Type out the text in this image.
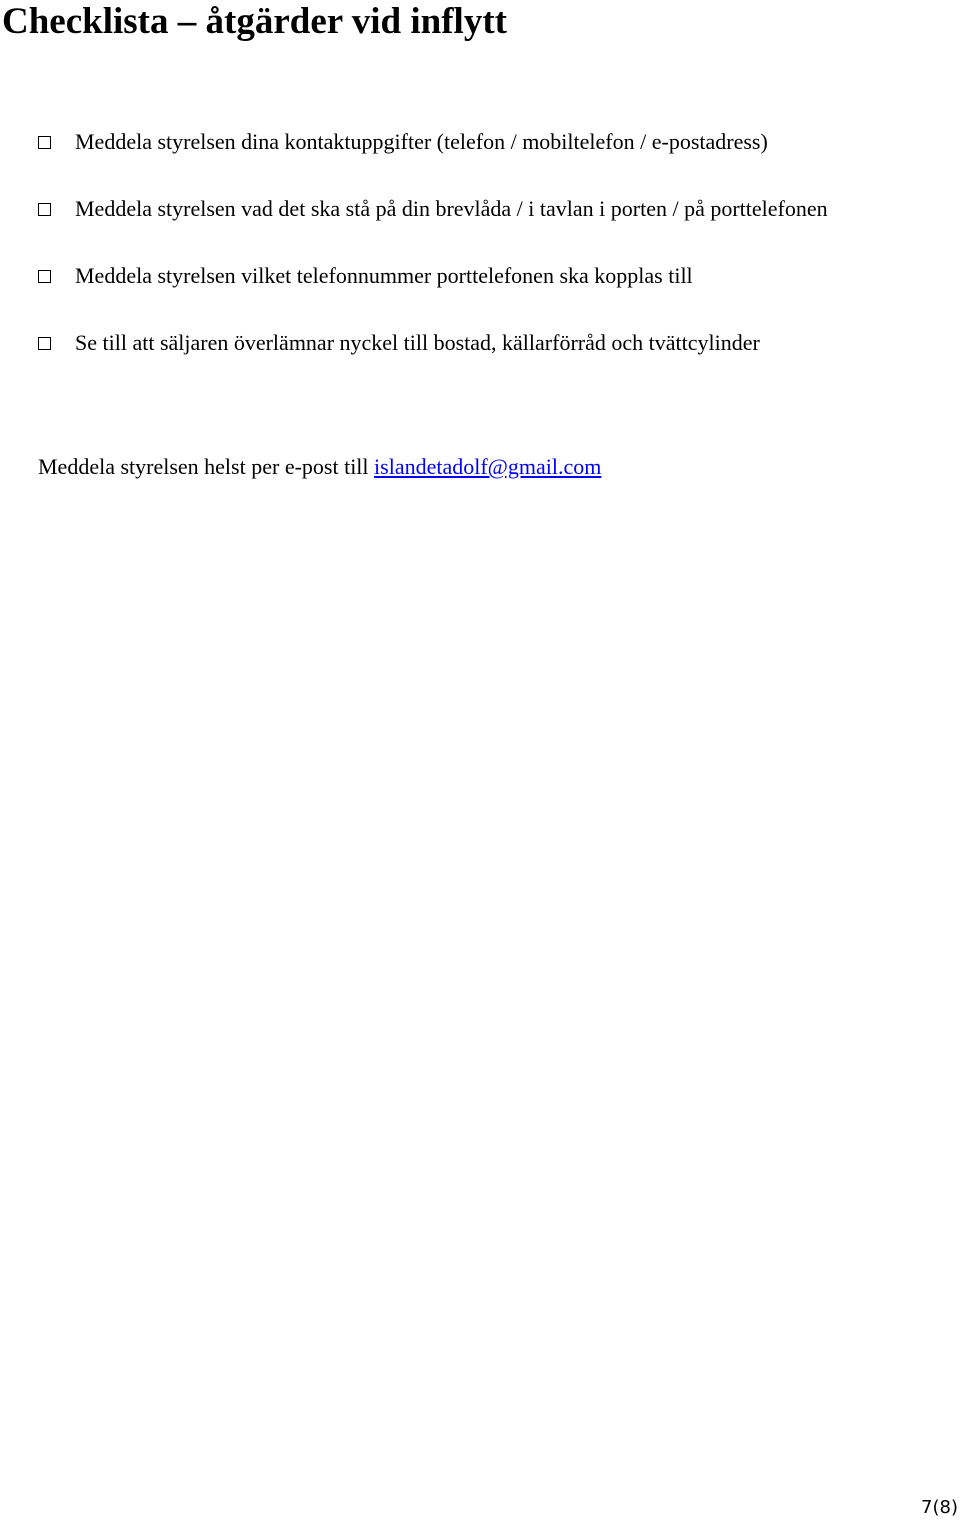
Checklista – åtgärder vid inflytt
Meddela styrelsen dina kontaktuppgifter (telefon / mobiltelefon / e-postadress)
Meddela styrelsen vad det ska stå på din brevlåda / i tavlan i porten / på porttelefonen
Meddela styrelsen vilket telefonnummer porttelefonen ska kopplas till
Se till att säljaren överlämnar nyckel till bostad, källarförråd och tvättcylinder

Meddela styrelsen helst per e-post till islandetadolf@gmail.com

7(8)
